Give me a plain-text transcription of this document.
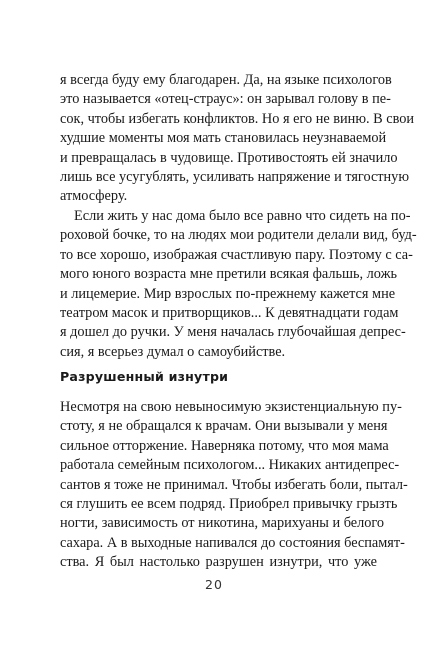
я всегда буду ему благодарен. Да, на языке психологов
это называется «отец-страус»: он зарывал голову в пе-
сок, чтобы избегать конфликтов. Но я его не виню. В свои
худшие моменты моя мать становилась неузнаваемой
и превращалась в чудовище. Противостоять ей значило
лишь все усугублять, усиливать напряжение и тягостную
атмосферу.
Если жить у нас дома было все равно что сидеть на по-
роховой бочке, то на людях мои родители делали вид, буд-
то все хорошо, изображая счастливую пару. Поэтому с са-
мого юного возраста мне претили всякая фальшь, ложь
и лицемерие. Мир взрослых по-прежнему кажется мне
театром масок и притворщиков... К девятнадцати годам
я дошел до ручки. У меня началась глубочайшая депрес-
сия, я всерьез думал о самоубийстве.
Разрушенный изнутри
Несмотря на свою невыносимую экзистенциальную пу-
стоту, я не обращался к врачам. Они вызывали у меня
сильное отторжение. Наверняка потому, что моя мама
работала семейным психологом... Никаких антидепрес-
сантов я тоже не принимал. Чтобы избегать боли, пытал-
ся глушить ее всем подряд. Приобрел привычку грызть
ногти, зависимость от никотина, марихуаны и белого
сахара. А в выходные напивался до состояния беспамят-
ства. Я был настолько разрушен изнутри, что уже
20
